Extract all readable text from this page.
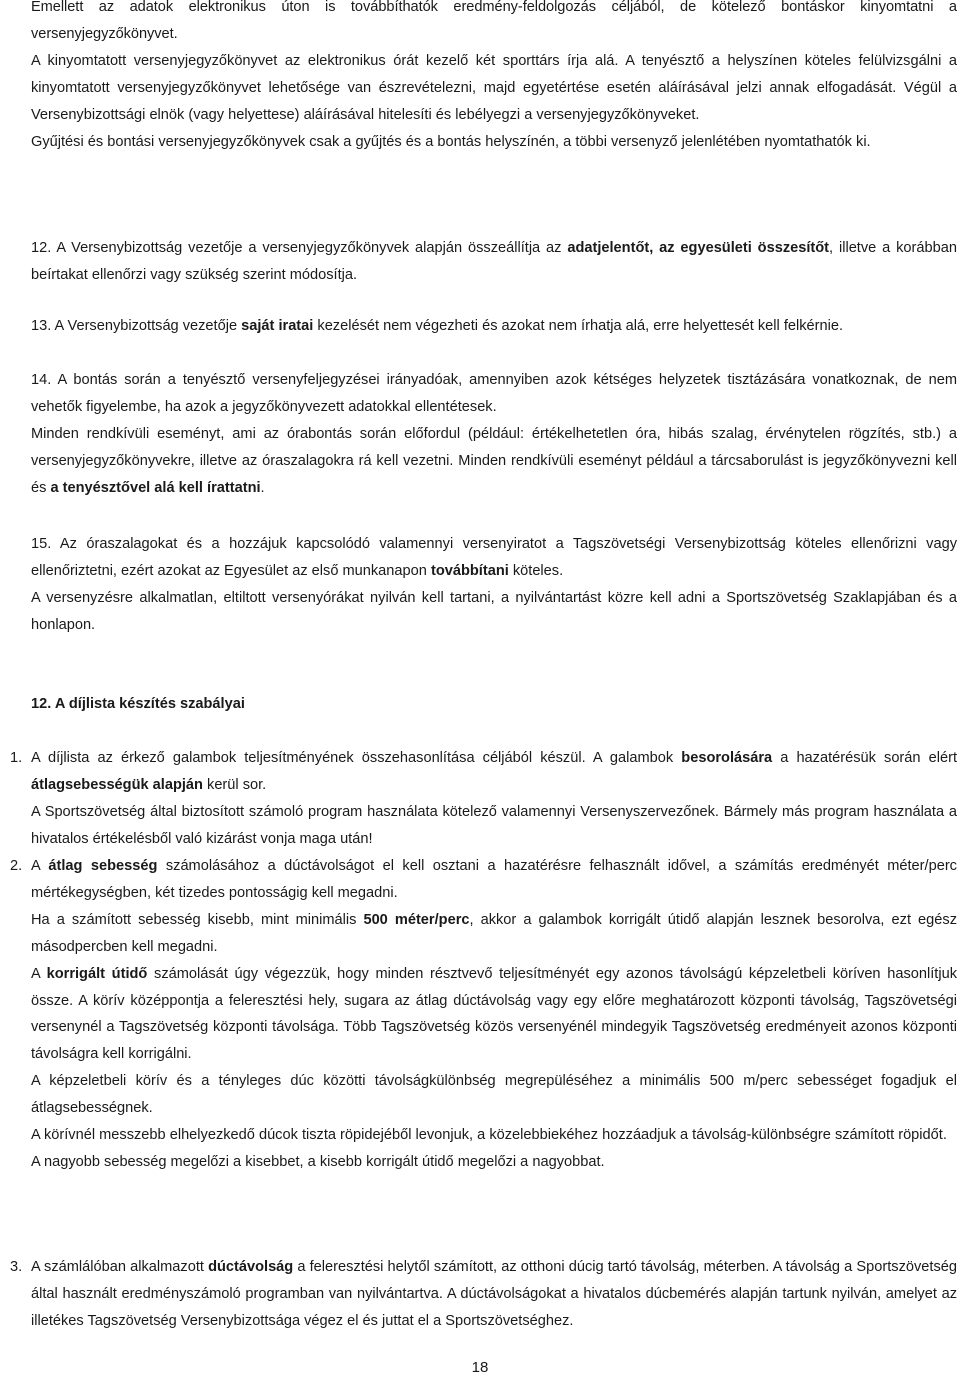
Emellett az adatok elektronikus úton is továbbíthatók eredmény-feldolgozás céljából, de kötelező bontáskor kinyomtatni a versenyjegyzőkönyvet.

A kinyomtatott versenyjegyzőkönyvet az elektronikus órát kezelő két sporttárs írja alá. A tenyésztő a helyszínen köteles felülvizsgálni a kinyomtatott versenyjegyzőkönyvet lehetősége van észrevételezni, majd egyetértése esetén aláírásával jelzi annak elfogadását. Végül a Versenybizottsági elnök (vagy helyettese) aláírásával hitelesíti és lebélyegzi a versenyjegyzőkönyveket.

Gyűjtési és bontási versenyjegyzőkönyvek csak a gyűjtés és a bontás helyszínén, a többi versenyző jelenlétében nyomtathatók ki.

12. A Versenybizottság vezetője a versenyjegyzőkönyvek alapján összeállítja az adatjelentőt, az egyesületi összesítőt, illetve a korábban beírtakat ellenőrzi vagy szükség szerint módosítja.

13. A Versenybizottság vezetője saját iratai kezelését nem végezheti és azokat nem írhatja alá, erre helyettesét kell felkérnie.

14. A bontás során a tenyésztő versenyfeljegyzései irányadóak, amennyiben azok kétséges helyzetek tisztázására vonatkoznak, de nem vehetők figyelembe, ha azok a jegyzőkönyvezett adatokkal ellentétesek.

Minden rendkívüli eseményt, ami az órabontás során előfordul (például: értékelhetetlen óra, hibás szalag, érvénytelen rögzítés, stb.) a versenyjegyzőkönyvekre, illetve az óraszalagokra rá kell vezetni. Minden rendkívüli eseményt például a tárcsaborulást is jegyzőkönyvezni kell és a tenyésztővel alá kell írattatni.

15. Az óraszalagokat és a hozzájuk kapcsolódó valamennyi versenyiratot a Tagszövetségi Versenybizottság köteles ellenőrizni vagy ellenőriztetni, ezért azokat az Egyesület az első munkanapon továbbítani köteles.

A versenyzésre alkalmatlan, eltiltott versenyórákat nyilván kell tartani, a nyilvántartást közre kell adni a Sportszövetség Szaklapjában és a honlapon.

12. A díjlista készítés szabályai

1. A díjlista az érkező galambok teljesítményének összehasonlítása céljából készül. A galambok besorolására a hazatérésük során elért átlagsebességük alapján kerül sor.

A Sportszövetség által biztosított számoló program használata kötelező valamennyi Versenyszervezőnek. Bármely más program használata a hivatalos értékelésből való kizárást vonja maga után!

2. A átlag sebesség számolásához a dúctávolságot el kell osztani a hazatérésre felhasznált idővel, a számítás eredményét méter/perc mértékegységben, két tizedes pontosságig kell megadni.

Ha a számított sebesség kisebb, mint minimális 500 méter/perc, akkor a galambok korrigált útidő alapján lesznek besorolva, ezt egész másodpercben kell megadni.

A korrigált útidő számolását úgy végezzük, hogy minden résztvevő teljesítményét egy azonos távolságú képzeletbeli köríven hasonlítjuk össze. A körív középpontja a feleresztési hely, sugara az átlag dúctávolság vagy egy előre meghatározott központi távolság, Tagszövetségi versenynél a Tagszövetség központi távolsága. Több Tagszövetség közös versenyénél mindegyik Tagszövetség eredményeit azonos központi távolságra kell korrigálni.

A képzeletbeli körív és a tényleges dúc közötti távolságkülönbség megrepüléséhez a minimális 500 m/perc sebességet fogadjuk el átlagsebességnek.

A körívnél messzebb elhelyezkedő dúcok tiszta röpidejéből levonjuk, a közelebbiekéhez hozzáadjuk a távolság-különbségre számított röpidőt.

A nagyobb sebesség megelőzi a kisebbet, a kisebb korrigált útidő megelőzi a nagyobbat.

3. A számlálóban alkalmazott dúctávolság a feleresztési helytől számított, az otthoni dúcig tartó távolság, méterben. A távolság a Sportszövetség által használt eredményszámoló programban van nyilvántartva. A dúctávolságokat a hivatalos dúcbemérés alapján tartunk nyilván, amelyet az illetékes Tagszövetség Versenybizottsága végez el és juttat el a Sportszövetséghez.

18
